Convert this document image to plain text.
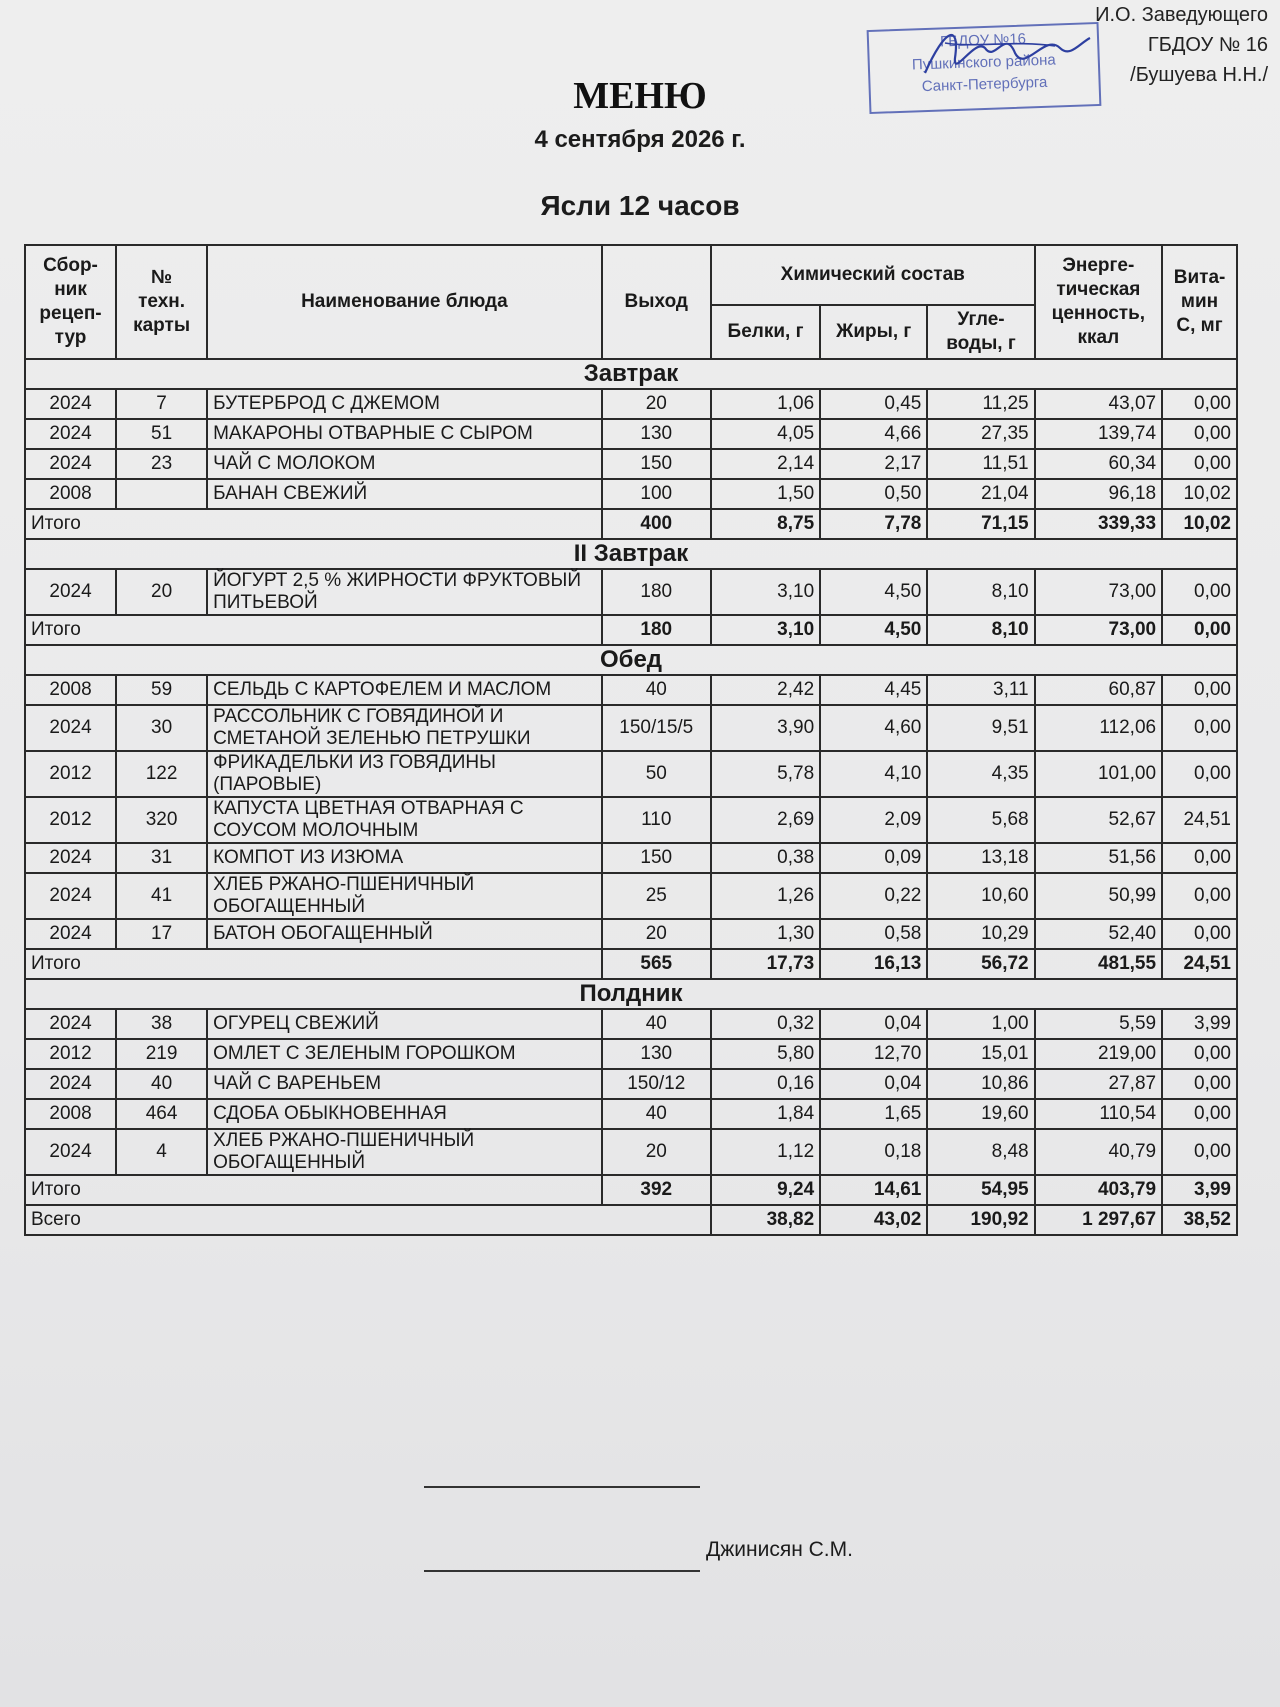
И.О. Заведующего
ГБДОУ № 16
/Бушуева Н.Н./
ГБДОУ №16
Пушкинского района
Санкт-Петербурга
МЕНЮ
4 сентября 2026 г.
Ясли 12 часов
Сбор-
ник
рецеп-
тур	№
техн.
карты	Наименование блюда	Выход	Химический состав			Энерге-
тическая
ценность,
ккал	Вита-
мин
С, мг
				Белки, г	Жиры, г	Угле-
воды, г		
Завтрак								
2024	7	БУТЕРБРОД С ДЖЕМОМ	20	1,06	0,45	11,25	43,07	0,00
2024	51	МАКАРОНЫ ОТВАРНЫЕ С СЫРОМ	130	4,05	4,66	27,35	139,74	0,00
2024	23	ЧАЙ С МОЛОКОМ	150	2,14	2,17	11,51	60,34	0,00
2008		БАНАН СВЕЖИЙ	100	1,50	0,50	21,04	96,18	10,02
Итого			400	8,75	7,78	71,15	339,33	10,02
II Завтрак								
2024	20	ЙОГУРТ 2,5 % ЖИРНОСТИ ФРУКТОВЫЙ ПИТЬЕВОЙ	180	3,10	4,50	8,10	73,00	0,00
Итого			180	3,10	4,50	8,10	73,00	0,00
Обед								
2008	59	СЕЛЬДЬ С КАРТОФЕЛЕМ И МАСЛОМ	40	2,42	4,45	3,11	60,87	0,00
2024	30	РАССОЛЬНИК С ГОВЯДИНОЙ И СМЕТАНОЙ ЗЕЛЕНЬЮ ПЕТРУШКИ	150/15/5	3,90	4,60	9,51	112,06	0,00
2012	122	ФРИКАДЕЛЬКИ ИЗ ГОВЯДИНЫ (ПАРОВЫЕ)	50	5,78	4,10	4,35	101,00	0,00
2012	320	КАПУСТА ЦВЕТНАЯ ОТВАРНАЯ С СОУСОМ МОЛОЧНЫМ	110	2,69	2,09	5,68	52,67	24,51
2024	31	КОМПОТ ИЗ ИЗЮМА	150	0,38	0,09	13,18	51,56	0,00
2024	41	ХЛЕБ РЖАНО-ПШЕНИЧНЫЙ ОБОГАЩЕННЫЙ	25	1,26	0,22	10,60	50,99	0,00
2024	17	БАТОН ОБОГАЩЕННЫЙ	20	1,30	0,58	10,29	52,40	0,00
Итого			565	17,73	16,13	56,72	481,55	24,51
Полдник								
2024	38	ОГУРЕЦ СВЕЖИЙ	40	0,32	0,04	1,00	5,59	3,99
2012	219	ОМЛЕТ С ЗЕЛЕНЫМ ГОРОШКОМ	130	5,80	12,70	15,01	219,00	0,00
2024	40	ЧАЙ С ВАРЕНЬЕМ	150/12	0,16	0,04	10,86	27,87	0,00
2008	464	СДОБА ОБЫКНОВЕННАЯ	40	1,84	1,65	19,60	110,54	0,00
2024	4	ХЛЕБ РЖАНО-ПШЕНИЧНЫЙ ОБОГАЩЕННЫЙ	20	1,12	0,18	8,48	40,79	0,00
Итого			392	9,24	14,61	54,95	403,79	3,99
Всего				38,82	43,02	190,92	1 297,67	38,52
Джинисян С.М.
